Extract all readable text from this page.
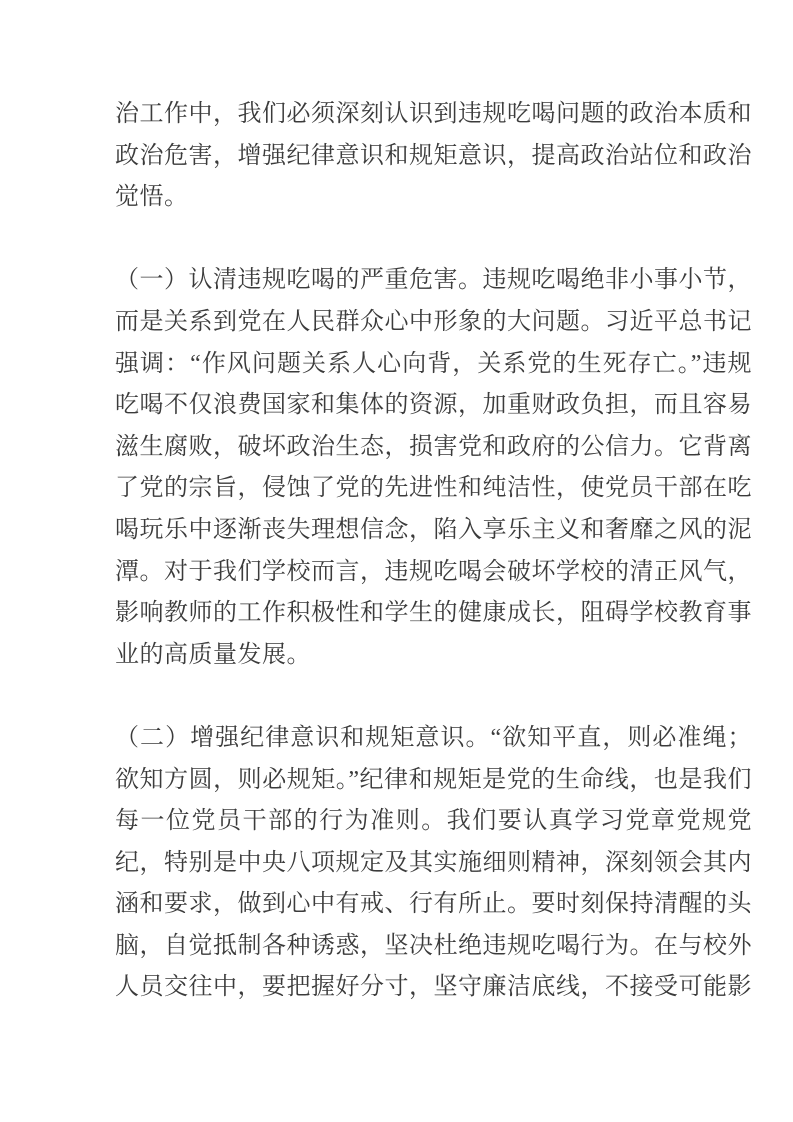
治工作中，我们必须深刻认识到违规吃喝问题的政治本质和政治危害，增强纪律意识和规矩意识，提高政治站位和政治觉悟。

（一）认清违规吃喝的严重危害。违规吃喝绝非小事小节，而是关系到党在人民群众心中形象的大问题。习近平总书记强调：“作风问题关系人心向背，关系党的生死存亡。”违规吃喝不仅浪费国家和集体的资源，加重财政负担，而且容易滋生腐败，破坏政治生态，损害党和政府的公信力。它背离了党的宗旨，侵蚀了党的先进性和纯洁性，使党员干部在吃喝玩乐中逐渐丧失理想信念，陷入享乐主义和奢靡之风的泥潭。对于我们学校而言，违规吃喝会破坏学校的清正风气，影响教师的工作积极性和学生的健康成长，阻碍学校教育事业的高质量发展。

（二）增强纪律意识和规矩意识。“欲知平直，则必准绳；欲知方圆，则必规矩。”纪律和规矩是党的生命线，也是我们每一位党员干部的行为准则。我们要认真学习党章党规党纪，特别是中央八项规定及其实施细则精神，深刻领会其内涵和要求，做到心中有戒、行有所止。要时刻保持清醒的头脑，自觉抵制各种诱惑，坚决杜绝违规吃喝行为。在与校外人员交往中，要把握好分寸，坚守廉洁底线，不接受可能影
